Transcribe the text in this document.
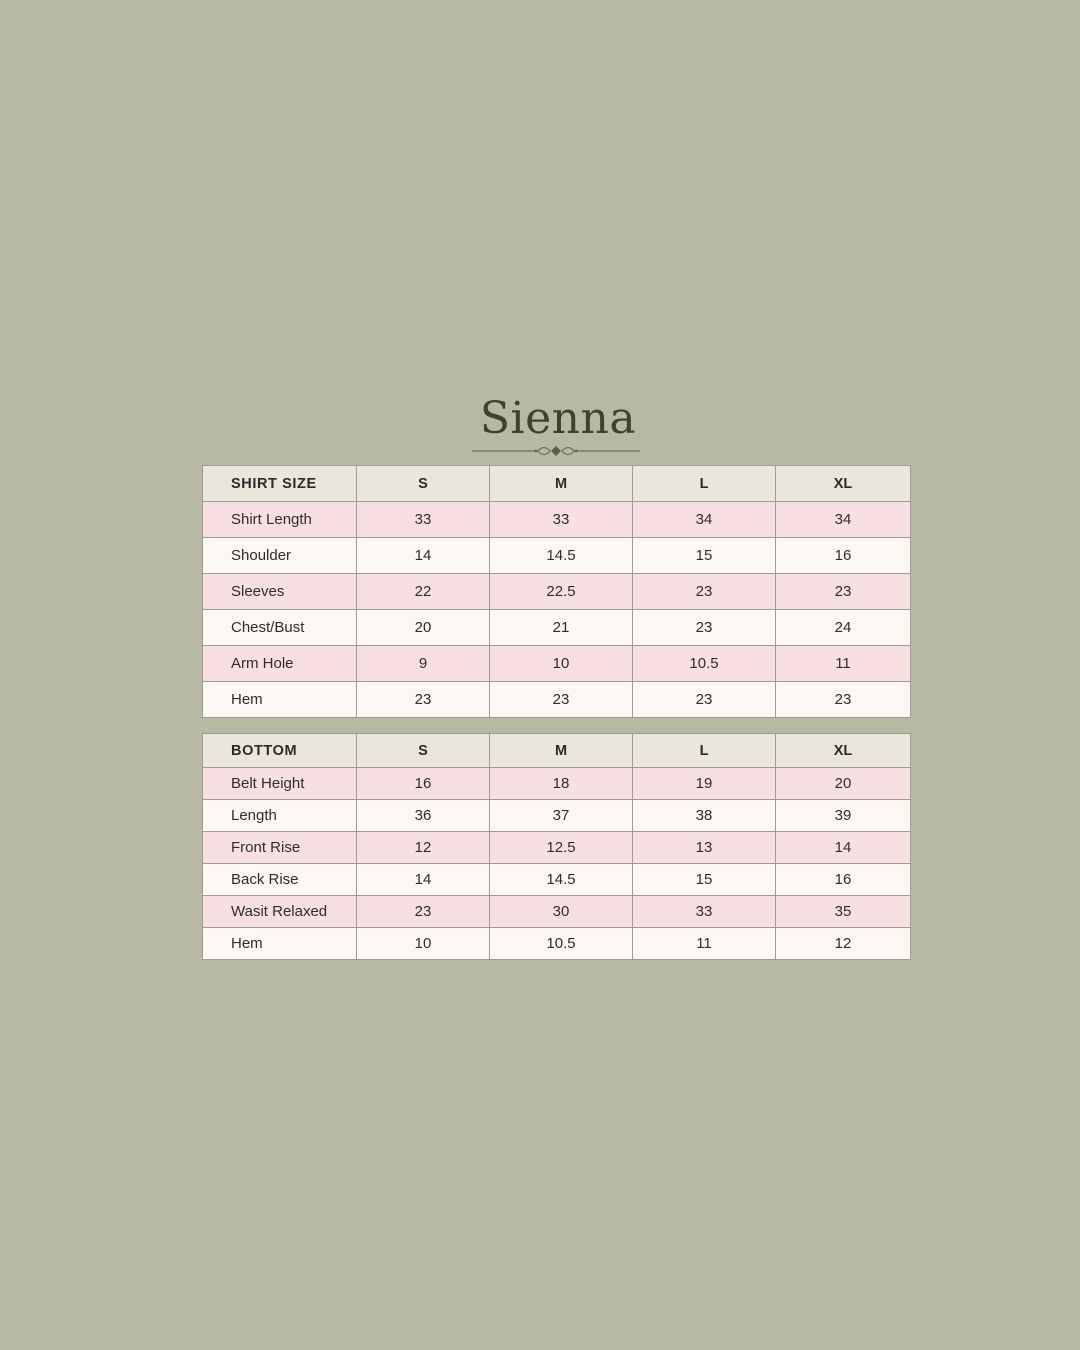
Sienna
SHIRT SIZE	S	M	L	XL
Shirt Length	33	33	34	34
Shoulder	14	14.5	15	16
Sleeves	22	22.5	23	23
Chest/Bust	20	21	23	24
Arm Hole	9	10	10.5	11
Hem	23	23	23	23
BOTTOM	S	M	L	XL
Belt Height	16	18	19	20
Length	36	37	38	39
Front Rise	12	12.5	13	14
Back Rise	14	14.5	15	16
Wasit Relaxed	23	30	33	35
Hem	10	10.5	11	12
